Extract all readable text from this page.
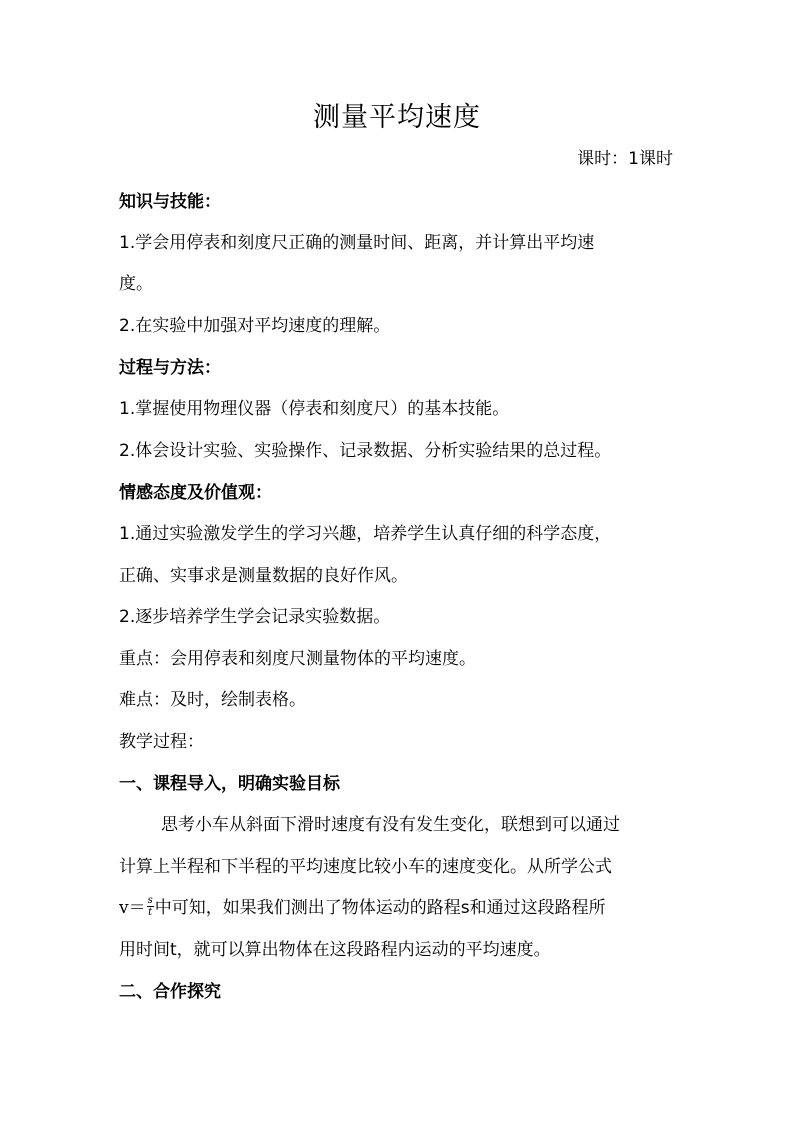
测量平均速度
课时：1课时
知识与技能：
1.学会用停表和刻度尺正确的测量时间、距离，并计算出平均速
度。
2.在实验中加强对平均速度的理解。
过程与方法：
1.掌握使用物理仪器（停表和刻度尺）的基本技能。
2.体会设计实验、实验操作、记录数据、分析实验结果的总过程。
情感态度及价值观：
1.通过实验激发学生的学习兴趣，培养学生认真仔细的科学态度，
正确、实事求是测量数据的良好作风。
2.逐步培养学生学会记录实验数据。
重点：会用停表和刻度尺测量物体的平均速度。
难点：及时，绘制表格。
教学过程：
一、课程导入，明确实验目标
思考小车从斜面下滑时速度有没有发生变化，联想到可以通过
计算上半程和下半程的平均速度比较小车的速度变化。从所学公式
$v= \frac{s}{t}$ 中可知，如果我们测出了物体运动的路程s和通过这段路程所
用时间t，就可以算出物体在这段路程内运动的平均速度。
二、合作探究
